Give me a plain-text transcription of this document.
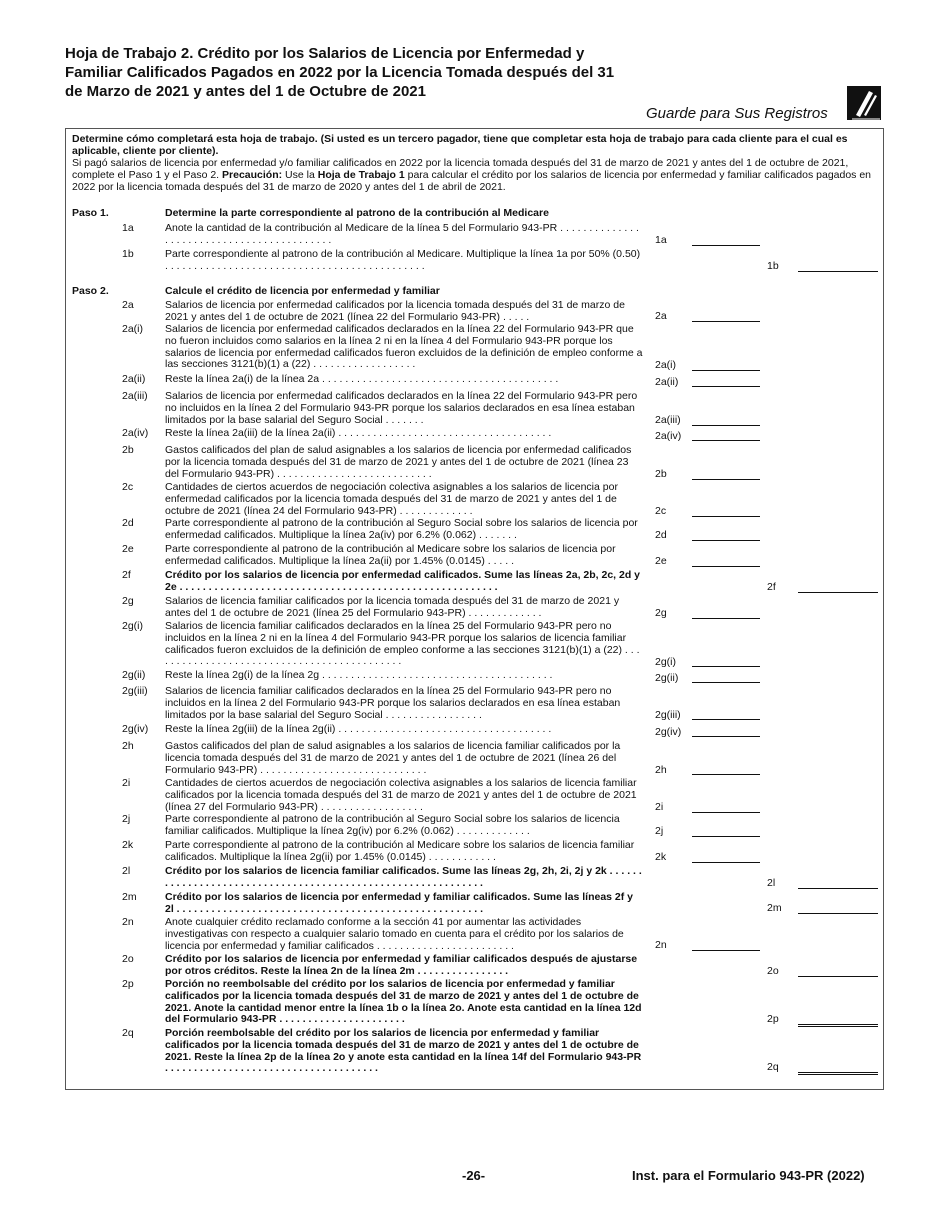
Hoja de Trabajo 2. Crédito por los Salarios de Licencia por Enfermedad y Familiar Calificados Pagados en 2022 por la Licencia Tomada después del 31 de Marzo de 2021 y antes del 1 de Octubre de 2021
Guarde para Sus Registros
Determine cómo completará esta hoja de trabajo. (Si usted es un tercero pagador, tiene que completar esta hoja de trabajo para cada cliente para el cual es aplicable, cliente por cliente).
Si pagó salarios de licencia por enfermedad y/o familiar calificados en 2022 por la licencia tomada después del 31 de marzo de 2021 y antes del 1 de octubre de 2021, complete el Paso 1 y el Paso 2. Precaución: Use la Hoja de Trabajo 1 para calcular el crédito por los salarios de licencia por enfermedad y familiar calificados pagados en 2022 por la licencia tomada después del 31 de marzo de 2020 y antes del 1 de abril de 2021.
Paso 1.	Determine la parte correspondiente al patrono de la contribución al Medicare
1a	Anote la cantidad de la contribución al Medicare de la línea 5 del Formulario 943-PR . . . . . . . . . . . . . . . . . . . . . . . . . . . . . . . . . . . . . . . . . . .	1a
1b	Parte correspondiente al patrono de la contribución al Medicare. Multiplique la línea 1a por 50% (0.50) . . . . . . . . . . . . . . . . . . . . . . . . . . . . . . . . . . . . . . . . . . . . .	1b
Paso 2.	Calcule el crédito de licencia por enfermedad y familiar
2a	Salarios de licencia por enfermedad calificados por la licencia tomada después del 31 de marzo de 2021 y antes del 1 de octubre de 2021 (línea 22 del Formulario 943-PR) . . . . .	2a
2a(i) Salarios de licencia por enfermedad calificados declarados en la línea 22 del Formulario 943-PR que no fueron incluidos como salarios en la línea 2 ni en la línea 4 del Formulario 943-PR porque los salarios de licencia por enfermedad calificados fueron excluidos de la definición de empleo conforme a las secciones 3121(b)(1) a (22) . . . . . . . . . . . . . . . . . .	2a(i)
2a(ii) Reste la línea 2a(i) de la línea 2a . . . . . . . . . . . . . . . . . . . . . . . . . . . . . . . . . . . . . . . . .	2a(ii)
2a(iii) Salarios de licencia por enfermedad calificados declarados en la línea 22 del Formulario 943-PR pero no incluidos en la línea 2 del Formulario 943-PR porque los salarios declarados en esa línea estaban limitados por la base salarial del Seguro Social . . . . . . .	2a(iii)
2a(iv) Reste la línea 2a(iii) de la línea 2a(ii) . . . . . . . . . . . . . . . . . . . . . . . . . . . . . . . . . . . . .	2a(iv)
2b	Gastos calificados del plan de salud asignables a los salarios de licencia por enfermedad calificados por la licencia tomada después del 31 de marzo de 2021 y antes del 1 de octubre de 2021 (línea 23 del Formulario 943-PR) . . . . . . . . . . . . . . . . . . . . . . . . . . .	2b
2c	Cantidades de ciertos acuerdos de negociación colectiva asignables a los salarios de licencia por enfermedad calificados por la licencia tomada después del 31 de marzo de 2021 y antes del 1 de octubre de 2021 (línea 24 del Formulario 943-PR) . . . . . . . . . . . . .	2c
2d	Parte correspondiente al patrono de la contribución al Seguro Social sobre los salarios de licencia por enfermedad calificados. Multiplique la línea 2a(iv) por 6.2% (0.062) . . . . . . .	2d
2e	Parte correspondiente al patrono de la contribución al Medicare sobre los salarios de licencia por enfermedad calificados. Multiplique la línea 2a(ii) por 1.45% (0.0145) . . . . .	2e
2f	Crédito por los salarios de licencia por enfermedad calificados. Sume las líneas 2a, 2b, 2c, 2d y 2e . . . . . . . . . . . . . . . . . . . . . . . . . . . . . . . . . . . . . . . . . . . . . . . . . . . . . . .	2f
2g	Salarios de licencia familiar calificados por la licencia tomada después del 31 de marzo de 2021 y antes del 1 de octubre de 2021 (línea 25 del Formulario 943-PR) . . . . . . . . . . . . .	2g
2g(i) Salarios de licencia familiar calificados declarados en la línea 25 del Formulario 943-PR pero no incluidos en la línea 2 ni en la línea 4 del Formulario 943-PR porque los salarios de licencia familiar calificados fueron excluidos de la definición de empleo conforme a las secciones 3121(b)(1) a (22) . . . . . . . . . . . . . . . . . . . . . . . . . . . . . . . . . . . . . . . . . . . .	2g(i)
2g(ii) Reste la línea 2g(i) de la línea 2g . . . . . . . . . . . . . . . . . . . . . . . . . . . . . . . . . . . . . . . .	2g(ii)
2g(iii) Salarios de licencia familiar calificados declarados en la línea 25 del Formulario 943-PR pero no incluidos en la línea 2 del Formulario 943-PR porque los salarios declarados en esa línea estaban limitados por la base salarial del Seguro Social . . . . . . . . . . . . . . . . .	2g(iii)
2g(iv) Reste la línea 2g(iii) de la línea 2g(ii) . . . . . . . . . . . . . . . . . . . . . . . . . . . . . . . . . . . . .	2g(iv)
2h	Gastos calificados del plan de salud asignables a los salarios de licencia familiar calificados por la licencia tomada después del 31 de marzo de 2021 y antes del 1 de octubre de 2021 (línea 26 del Formulario 943-PR) . . . . . . . . . . . . . . . . . . . . . . . . . . . . .	2h
2i	Cantidades de ciertos acuerdos de negociación colectiva asignables a los salarios de licencia familiar calificados por la licencia tomada después del 31 de marzo de 2021 y antes del 1 de octubre de 2021 (línea 27 del Formulario 943-PR) . . . . . . . . . . . . . . . . . .	2i
2j	Parte correspondiente al patrono de la contribución al Seguro Social sobre los salarios de licencia familiar calificados. Multiplique la línea 2g(iv) por 6.2% (0.062) . . . . . . . . . . . . .	2j
2k	Parte correspondiente al patrono de la contribución al Medicare sobre los salarios de licencia familiar calificados. Multiplique la línea 2g(ii) por 1.45% (0.0145) . . . . . . . . . . . .	2k
2l	Crédito por los salarios de licencia familiar calificados. Sume las líneas 2g, 2h, 2i, 2j y 2k . . . . . . . . . . . . . . . . . . . . . . . . . . . . . . . . . . . . . . . . . . . . . . . . . . . . . . . . . . . . .	2l
2m	Crédito por los salarios de licencia por enfermedad y familiar calificados. Sume las líneas 2f y 2l . . . . . . . . . . . . . . . . . . . . . . . . . . . . . . . . . . . . . . . . . . . . . . . . . . . . .	2m
2n	Anote cualquier crédito reclamado conforme a la sección 41 por aumentar las actividades investigativas con respecto a cualquier salario tomado en cuenta para el crédito por los salarios de licencia por enfermedad y familiar calificados . . . . . . . . . . . . . . . . . . . . . . . .	2n
2o	Crédito por los salarios de licencia por enfermedad y familiar calificados después de ajustarse por otros créditos. Reste la línea 2n de la línea 2m . . . . . . . . . . . . . . . .	2o
2p	Porción no reembolsable del crédito por los salarios de licencia por enfermedad y familiar calificados por la licencia tomada después del 31 de marzo de 2021 y antes del 1 de octubre de 2021. Anote la cantidad menor entre la línea 1b o la línea 2o. Anote esta cantidad en la línea 12d del Formulario 943-PR . . . . . . . . . . . . . . . . . . . . . .	2p
2q	Porción reembolsable del crédito por los salarios de licencia por enfermedad y familiar calificados por la licencia tomada después del 31 de marzo de 2021 y antes del 1 de octubre de 2021. Reste la línea 2p de la línea 2o y anote esta cantidad en la línea 14f del Formulario 943-PR . . . . . . . . . . . . . . . . . . . . . . . . . . . . . . . . . . . . .	2q
-26-	Inst. para el Formulario 943-PR (2022)
